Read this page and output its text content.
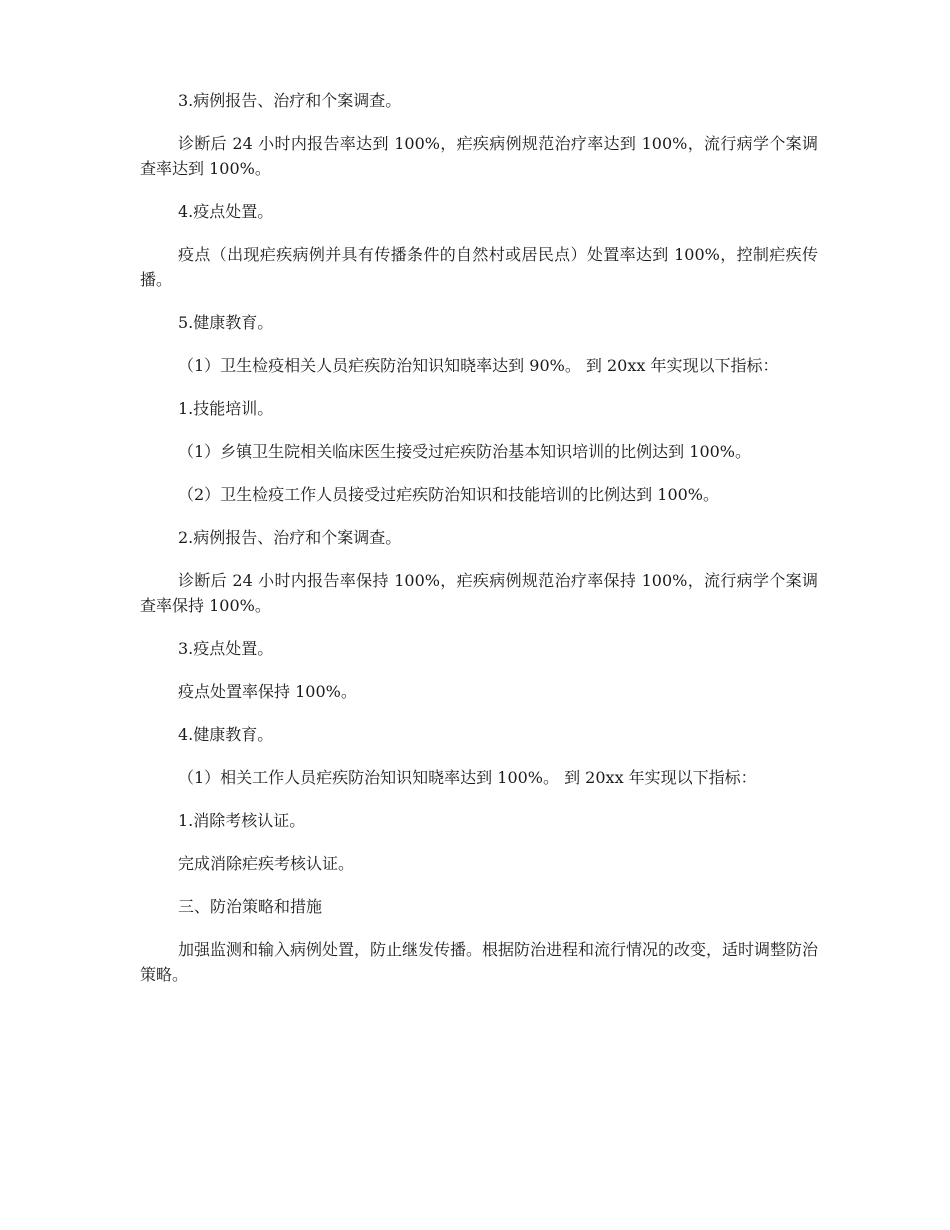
3.病例报告、治疗和个案调查。

诊断后 24 小时内报告率达到 100%，疟疾病例规范治疗率达到 100%，流行病学个案调查率达到 100%。

4.疫点处置。

疫点（出现疟疾病例并具有传播条件的自然村或居民点）处置率达到 100%，控制疟疾传播。

5.健康教育。

（1）卫生检疫相关人员疟疾防治知识知晓率达到 90%。 到 20xx 年实现以下指标：

1.技能培训。

（1）乡镇卫生院相关临床医生接受过疟疾防治基本知识培训的比例达到 100%。

（2）卫生检疫工作人员接受过疟疾防治知识和技能培训的比例达到 100%。

2.病例报告、治疗和个案调查。

诊断后 24 小时内报告率保持 100%，疟疾病例规范治疗率保持 100%，流行病学个案调查率保持 100%。

3.疫点处置。

疫点处置率保持 100%。

4.健康教育。

（1）相关工作人员疟疾防治知识知晓率达到 100%。 到 20xx 年实现以下指标：

1.消除考核认证。

完成消除疟疾考核认证。

三、防治策略和措施

加强监测和输入病例处置，防止继发传播。根据防治进程和流行情况的改变，适时调整防治策略。
